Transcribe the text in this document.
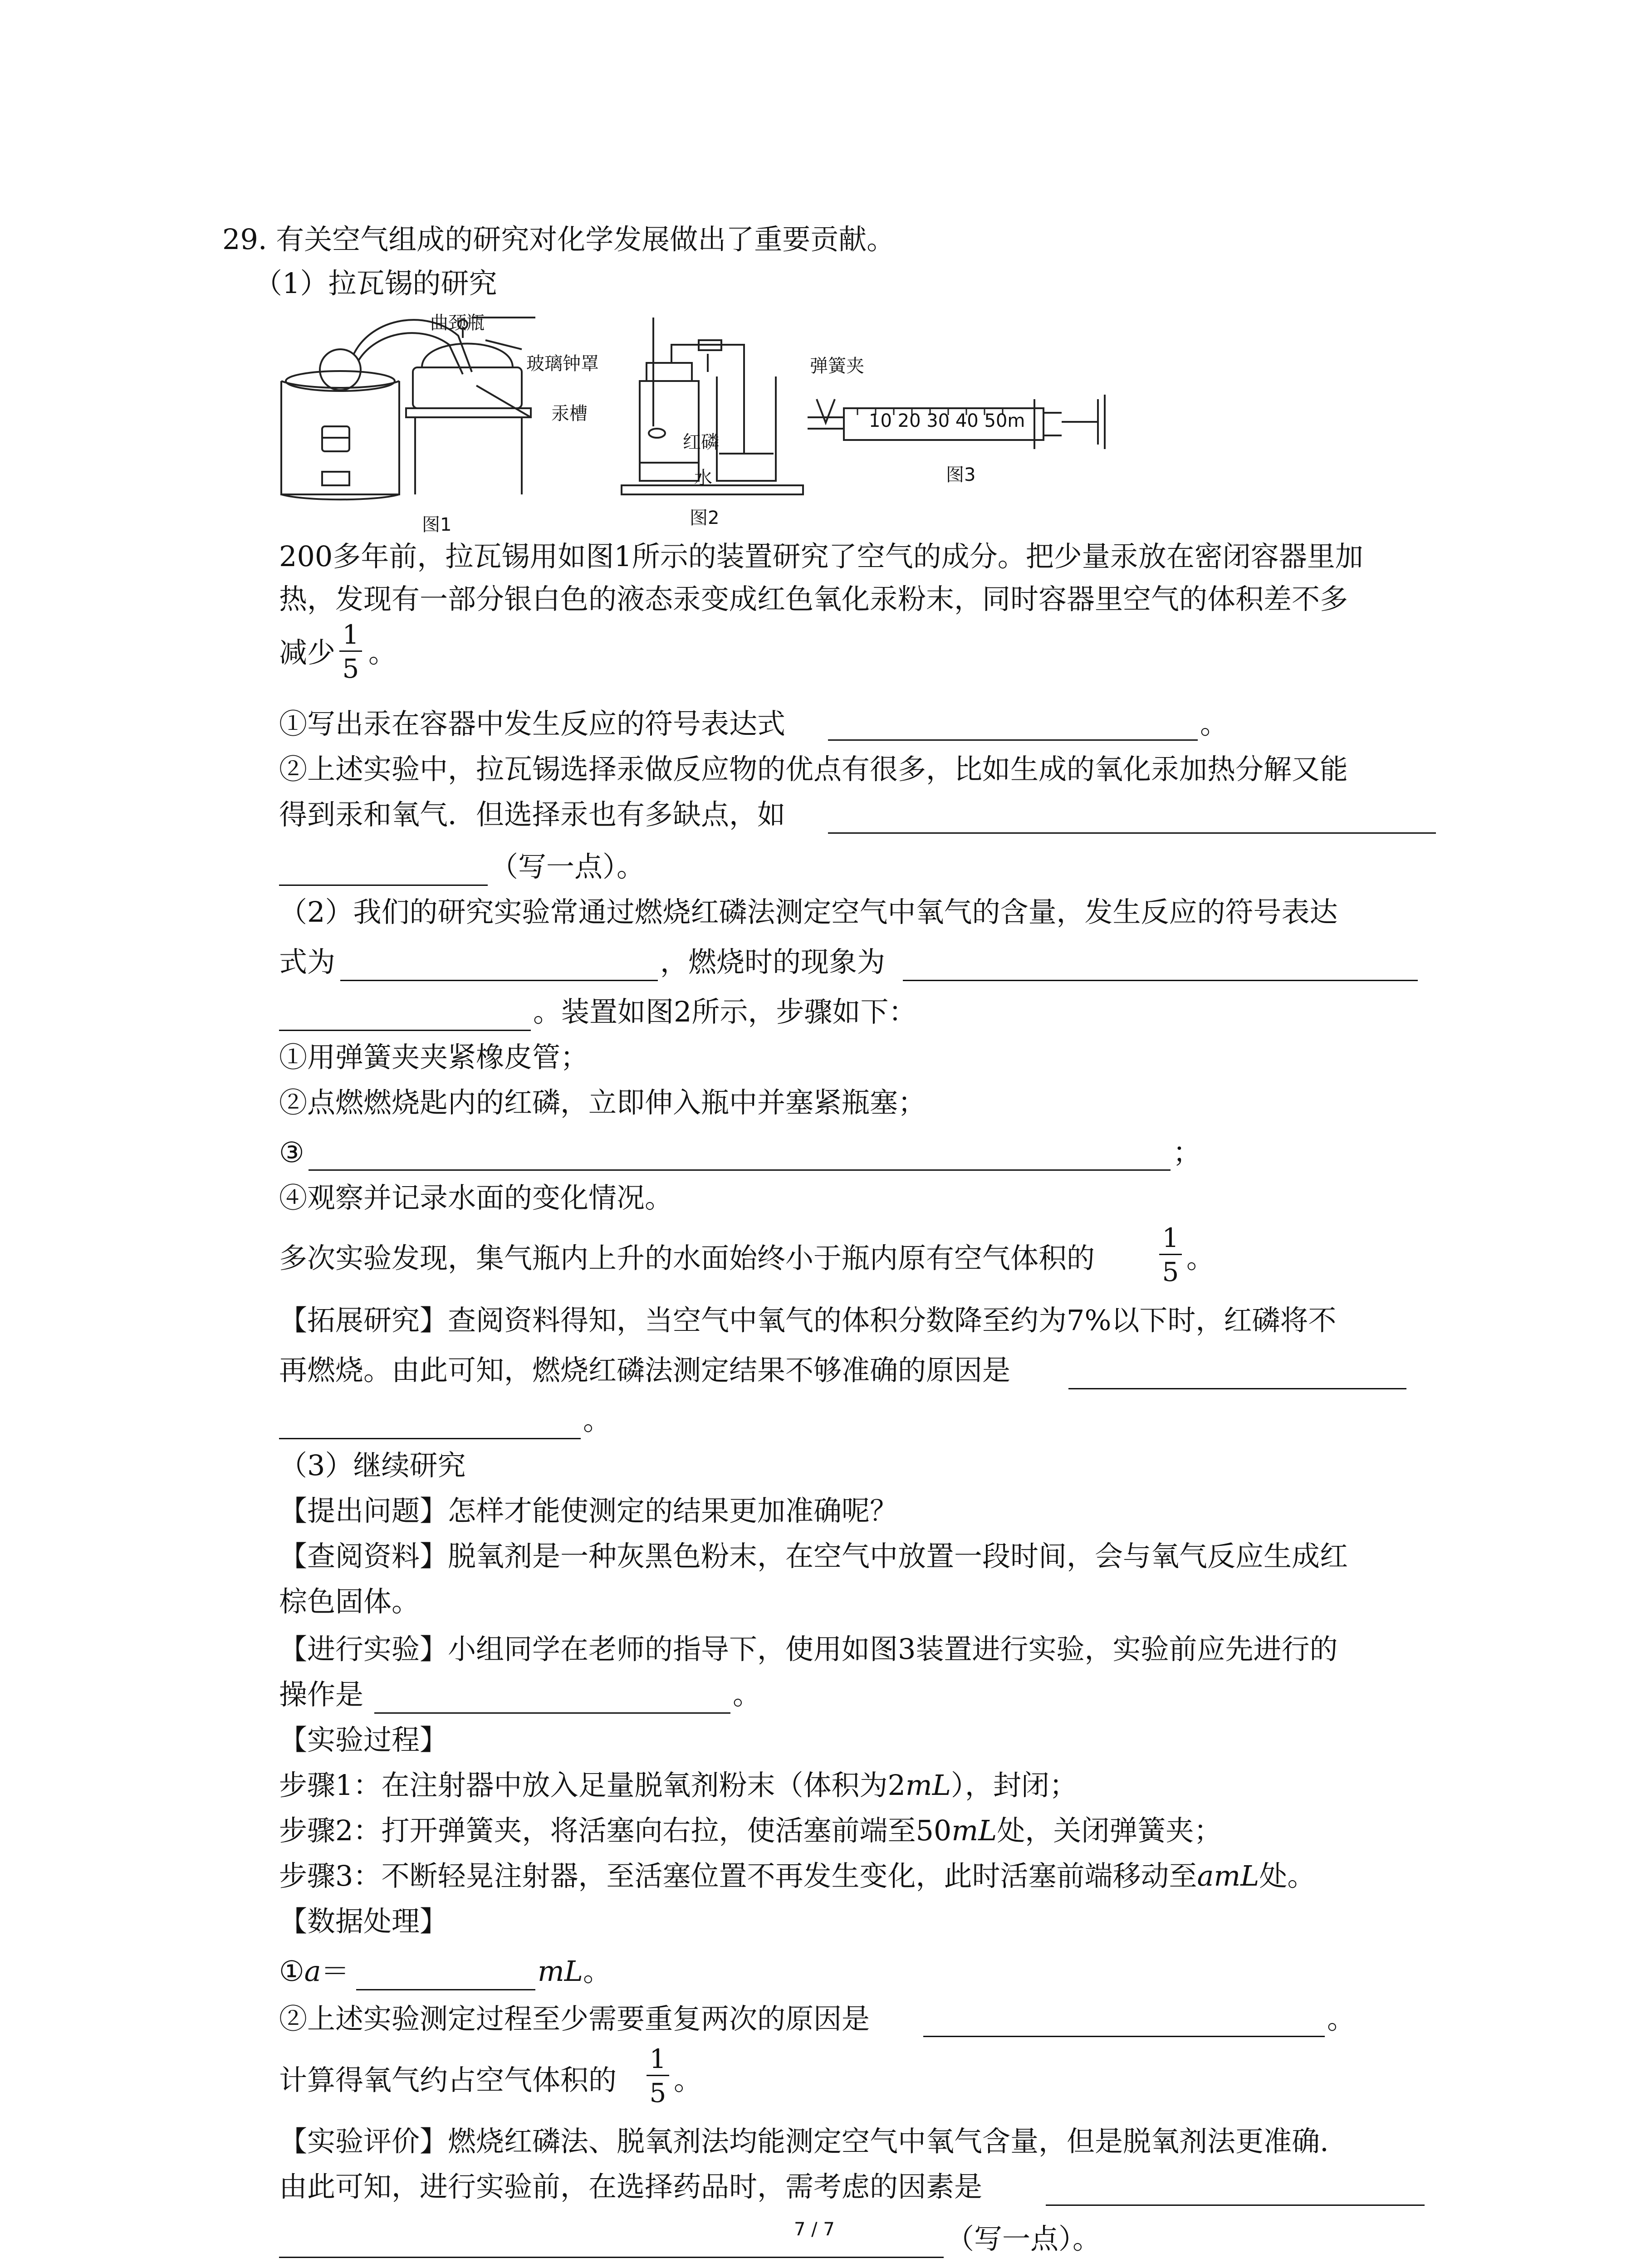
29. 有关空气组成的研究对化学发展做出了重要贡献。
（1）拉瓦锡的研究
曲颈瓶
玻璃钟罩
汞槽
图1
红磷
水
图2
弹簧夹
10 20 30 40 50m
图3
200多年前，拉瓦锡用如图1所示的装置研究了空气的成分。把少量汞放在密闭容器里加
热，发现有一部分银白色的液态汞变成红色氧化汞粉末，同时容器里空气的体积差不多
减少
1
5 。
①写出汞在容器中发生反应的符号表达式	。
②上述实验中，拉瓦锡选择汞做反应物的优点有很多，比如生成的氧化汞加热分解又能
得到汞和氧气．但选择汞也有多缺点，如
（写一点）。
（2）我们的研究实验常通过燃烧红磷法测定空气中氧气的含量，发生反应的符号表达
式为	，燃烧时的现象为
。装置如图2所示，步骤如下：
①用弹簧夹夹紧橡皮管；
②点燃燃烧匙内的红磷，立即伸入瓶中并塞紧瓶塞；
③	；
④观察并记录水面的变化情况。
多次实验发现，集气瓶内上升的水面始终小于瓶内原有空气体积的
1
5 。
【拓展研究】查阅资料得知，当空气中氧气的体积分数降至约为7%以下时，红磷将不
再燃烧。由此可知，燃烧红磷法测定结果不够准确的原因是
。
（3）继续研究
【提出问题】怎样才能使测定的结果更加准确呢？
【查阅资料】脱氧剂是一种灰黑色粉末，在空气中放置一段时间，会与氧气反应生成红
棕色固体。
【进行实验】小组同学在老师的指导下，使用如图3装置进行实验，实验前应先进行的
操作是	。
【实验过程】
步骤1：在注射器中放入足量脱氧剂粉末（体积为2mL），封闭；
步骤2：打开弹簧夹，将活塞向右拉，使活塞前端至50mL处，关闭弹簧夹；
步骤3：不断轻晃注射器，至活塞位置不再发生变化，此时活塞前端移动至amL处。
【数据处理】
①a＝	mL。
②上述实验测定过程至少需要重复两次的原因是	。
计算得氧气约占空气体积的
1
5 。
【实验评价】燃烧红磷法、脱氧剂法均能测定空气中氧气含量，但是脱氧剂法更准确.
由此可知，进行实验前，在选择药品时，需考虑的因素是
（写一点）。
7 / 7
